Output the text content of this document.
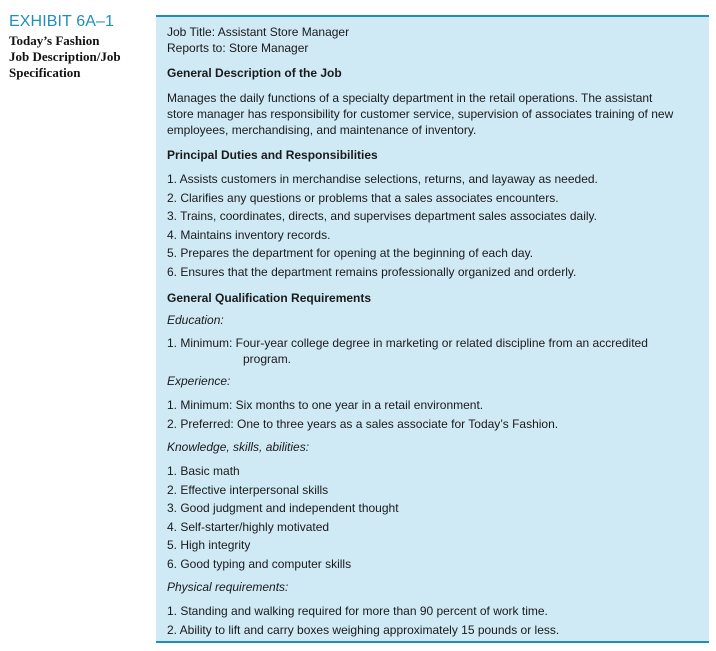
EXHIBIT 6A–1
Today’s Fashion
Job Description/Job
Specification
Job Title: Assistant Store Manager
Reports to: Store Manager
General Description of the Job

Manages the daily functions of a specialty department in the retail operations. The assistant

store manager has responsibility for customer service, supervision of associates training of new

employees, merchandising, and maintenance of inventory.

Principal Duties and Responsibilities
1. Assists customers in merchandise selections, returns, and layaway as needed.
2. Clarifies any questions or problems that a sales associates encounters.
3. Trains, coordinates, directs, and supervises department sales associates daily.
4. Maintains inventory records.
5. Prepares the department for opening at the beginning of each day.
6. Ensures that the department remains professionally organized and orderly.
General Qualification Requirements
Education:
1. Minimum: Four-year college degree in marketing or related discipline from an accredited program.
Experience:
1. Minimum: Six months to one year in a retail environment.
2. Preferred: One to three years as a sales associate for Today’s Fashion.
Knowledge, skills, abilities:
1. Basic math
2. Effective interpersonal skills
3. Good judgment and independent thought
4. Self-starter/highly motivated
5. High integrity
6. Good typing and computer skills
Physical requirements:
1. Standing and walking required for more than 90 percent of work time.
2. Ability to lift and carry boxes weighing approximately 15 pounds or less.
